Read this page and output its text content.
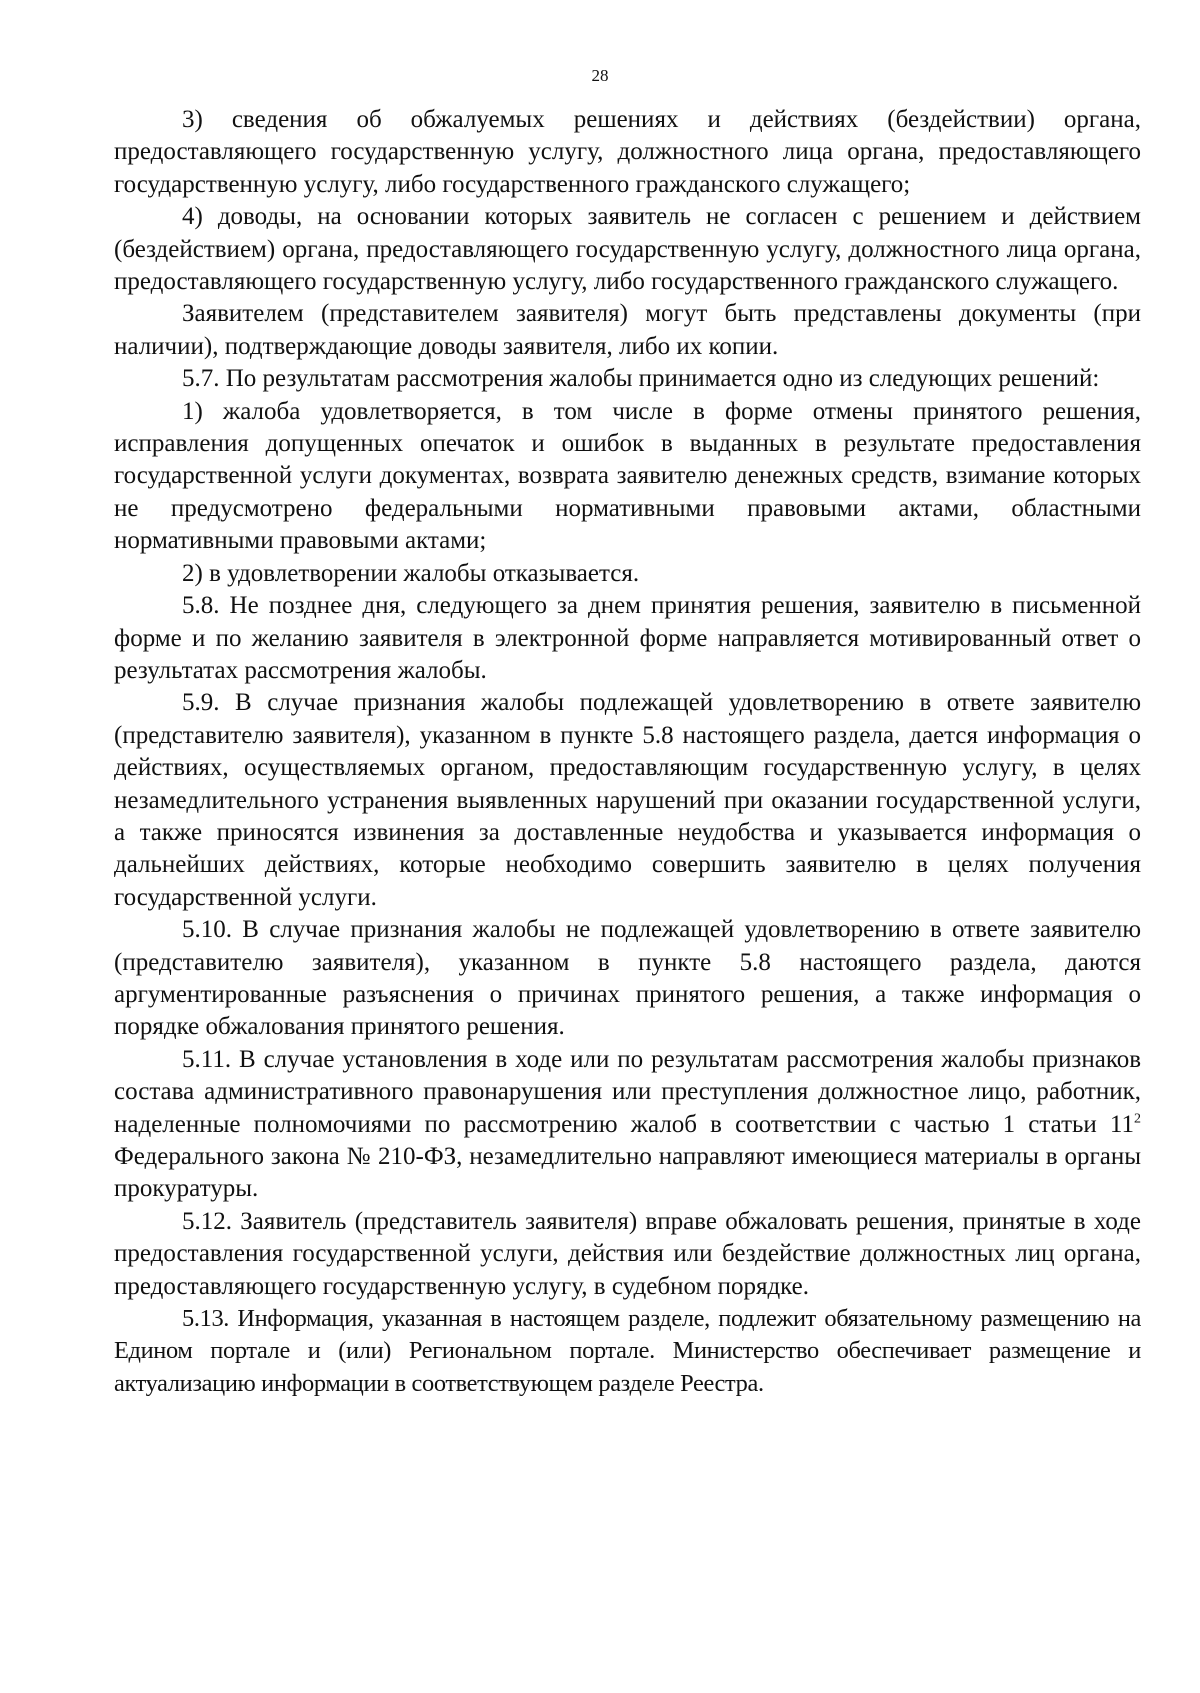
28

3) сведения об обжалуемых решениях и действиях (бездействии) органа, предоставляющего государственную услугу, должностного лица органа, предоставляющего государственную услугу, либо государственного гражданского служащего;

4) доводы, на основании которых заявитель не согласен с решением и действием (бездействием) органа, предоставляющего государственную услугу, должностного лица органа, предоставляющего государственную услугу, либо государственного гражданского служащего.

Заявителем (представителем заявителя) могут быть представлены документы (при наличии), подтверждающие доводы заявителя, либо их копии.

5.7. По результатам рассмотрения жалобы принимается одно из следующих решений:

1) жалоба удовлетворяется, в том числе в форме отмены принятого решения, исправления допущенных опечаток и ошибок в выданных в результате предоставления государственной услуги документах, возврата заявителю денежных средств, взимание которых не предусмотрено федеральными нормативными правовыми актами, областными нормативными правовыми актами;

2) в удовлетворении жалобы отказывается.

5.8. Не позднее дня, следующего за днем принятия решения, заявителю в письменной форме и по желанию заявителя в электронной форме направляется мотивированный ответ о результатах рассмотрения жалобы.

5.9. В случае признания жалобы подлежащей удовлетворению в ответе заявителю (представителю заявителя), указанном в пункте 5.8 настоящего раздела, дается информация о действиях, осуществляемых органом, предоставляющим государственную услугу, в целях незамедлительного устранения выявленных нарушений при оказании государственной услуги, а также приносятся извинения за доставленные неудобства и указывается информация о дальнейших действиях, которые необходимо совершить заявителю в целях получения государственной услуги.

5.10. В случае признания жалобы не подлежащей удовлетворению в ответе заявителю (представителю заявителя), указанном в пункте 5.8 настоящего раздела, даются аргументированные разъяснения о причинах принятого решения, а также информация о порядке обжалования принятого решения.

5.11. В случае установления в ходе или по результатам рассмотрения жалобы признаков состава административного правонарушения или преступления должностное лицо, работник, наделенные полномочиями по рассмотрению жалоб в соответствии с частью 1 статьи $11^2$ Федерального закона № 210-ФЗ, незамедлительно направляют имеющиеся материалы в органы прокуратуры.

5.12. Заявитель (представитель заявителя) вправе обжаловать решения, принятые в ходе предоставления государственной услуги, действия или бездействие должностных лиц органа, предоставляющего государственную услугу, в судебном порядке.

5.13. Информация, указанная в настоящем разделе, подлежит обязательному размещению на Едином портале и (или) Региональном портале. Министерство обеспечивает размещение и актуализацию информации в соответствующем разделе Реестра.
